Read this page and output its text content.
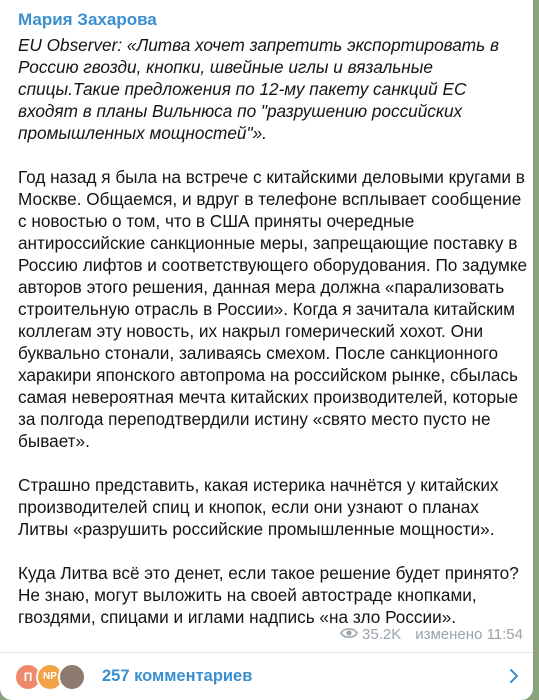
Мария Захарова

EU Observer: «Литва хочет запретить экспортировать в Россию гвозди, кнопки, швейные иглы и вязальные спицы.Такие предложения по 12-му пакету санкций ЕС входят в планы Вильнюса по "разрушению российских промышленных мощностей"».

Год назад я была на встрече с китайскими деловыми кругами в Москве. Общаемся, и вдруг в телефоне всплывает сообщение с новостью о том, что в США приняты очередные антироссийские санкционные меры, запрещающие поставку в Россию лифтов и соответствующего оборудования. По задумке авторов этого решения, данная мера должна «парализовать строительную отрасль в России». Когда я зачитала китайским коллегам эту новость, их накрыл гомерический хохот. Они буквально стонали, заливаясь смехом. После санкционного харакири японского автопрома на российском рынке, сбылась самая невероятная мечта китайских производителей, которые за полгода переподтвердили истину «свято место пусто не бывает».

Страшно представить, какая истерика начнётся у китайских производителей спиц и кнопок, если они узнают о планах Литвы «разрушить российские промышленные мощности».

Куда Литва всё это денет, если такое решение будет принято? Не знаю, могут выложить на своей автостраде кнопками, гвоздями, спицами и иглами надпись «на зло России».

35.2K изменено 11:54
П	NP	257 комментариев
